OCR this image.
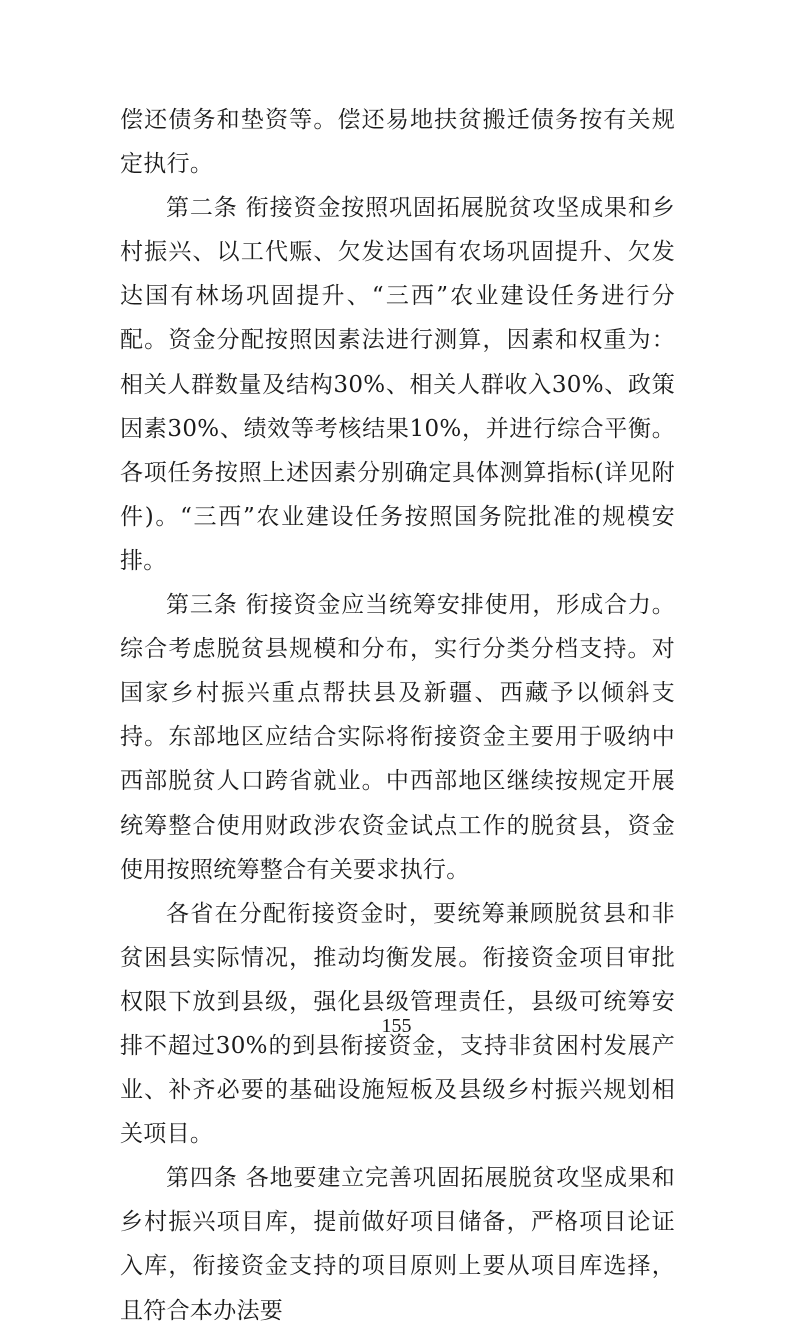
偿还债务和垫资等。偿还易地扶贫搬迁债务按有关规定执行。

第二条 衔接资金按照巩固拓展脱贫攻坚成果和乡村振兴、以工代赈、欠发达国有农场巩固提升、欠发达国有林场巩固提升、“三西”农业建设任务进行分配。资金分配按照因素法进行测算，因素和权重为：相关人群数量及结构30%、相关人群收入30%、政策因素30%、绩效等考核结果10%，并进行综合平衡。各项任务按照上述因素分别确定具体测算指标(详见附件)。“三西”农业建设任务按照国务院批准的规模安排。

第三条 衔接资金应当统筹安排使用，形成合力。综合考虑脱贫县规模和分布，实行分类分档支持。对国家乡村振兴重点帮扶县及新疆、西藏予以倾斜支持。东部地区应结合实际将衔接资金主要用于吸纳中西部脱贫人口跨省就业。中西部地区继续按规定开展统筹整合使用财政涉农资金试点工作的脱贫县，资金使用按照统筹整合有关要求执行。

各省在分配衔接资金时，要统筹兼顾脱贫县和非贫困县实际情况，推动均衡发展。衔接资金项目审批权限下放到县级，强化县级管理责任，县级可统筹安排不超过30%的到县衔接资金，支持非贫困村发展产业、补齐必要的基础设施短板及县级乡村振兴规划相关项目。

第四条 各地要建立完善巩固拓展脱贫攻坚成果和乡村振兴项目库，提前做好项目储备，严格项目论证入库，衔接资金支持的项目原则上要从项目库选择，且符合本办法要

155
